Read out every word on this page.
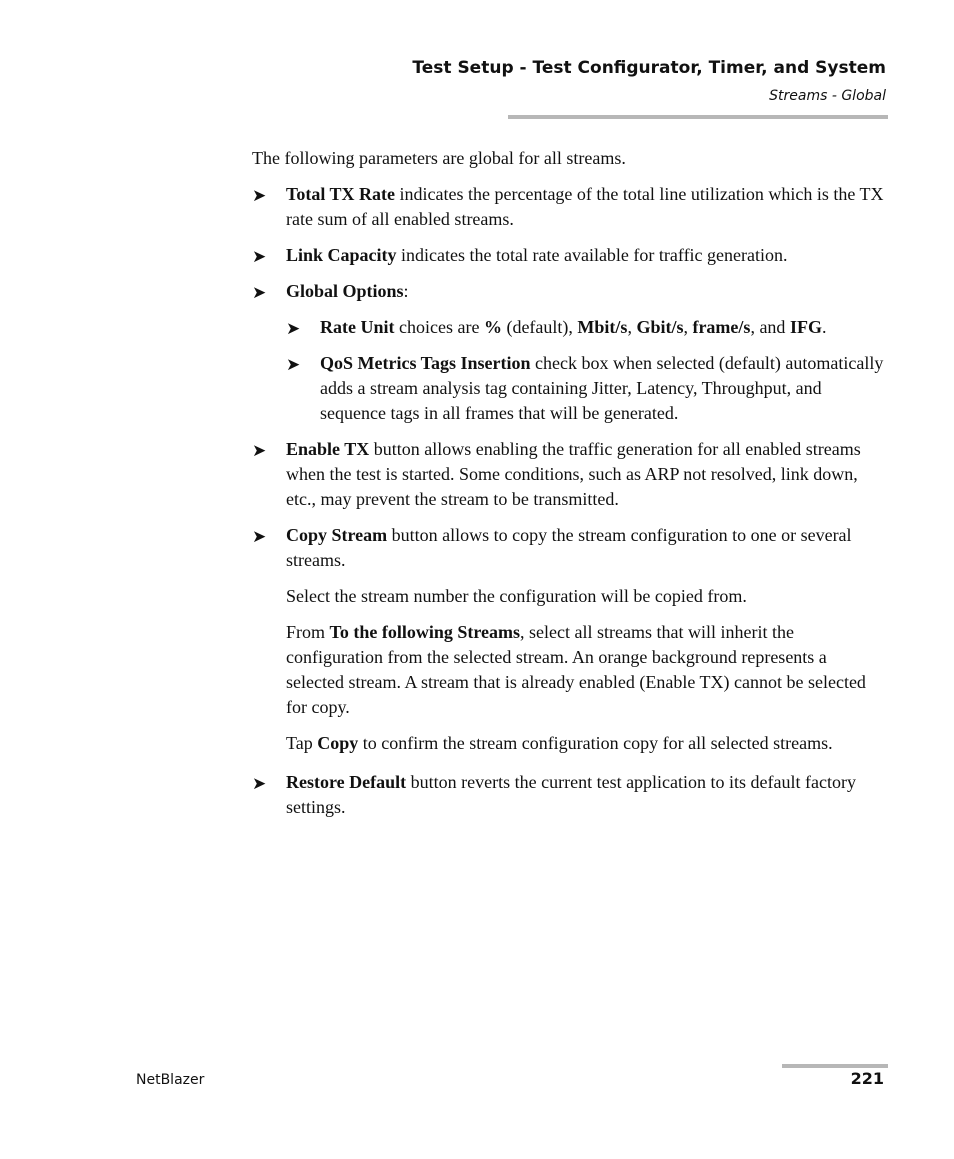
Test Setup - Test Configurator, Timer, and System
Streams - Global

The following parameters are global for all streams.

➤ Total TX Rate indicates the percentage of the total line utilization which is the TX rate sum of all enabled streams.

➤ Link Capacity indicates the total rate available for traffic generation.

➤ Global Options:

➤ Rate Unit choices are % (default), Mbit/s, Gbit/s, frame/s, and IFG.

➤ QoS Metrics Tags Insertion check box when selected (default) automatically adds a stream analysis tag containing Jitter, Latency, Throughput, and sequence tags in all frames that will be generated.

➤ Enable TX button allows enabling the traffic generation for all enabled streams when the test is started. Some conditions, such as ARP not resolved, link down, etc., may prevent the stream to be transmitted.

➤ Copy Stream button allows to copy the stream configuration to one or several streams.

Select the stream number the configuration will be copied from.

From To the following Streams, select all streams that will inherit the configuration from the selected stream. An orange background represents a selected stream. A stream that is already enabled (Enable TX) cannot be selected for copy.

Tap Copy to confirm the stream configuration copy for all selected streams.

➤ Restore Default button reverts the current test application to its default factory settings.

NetBlazer	221
